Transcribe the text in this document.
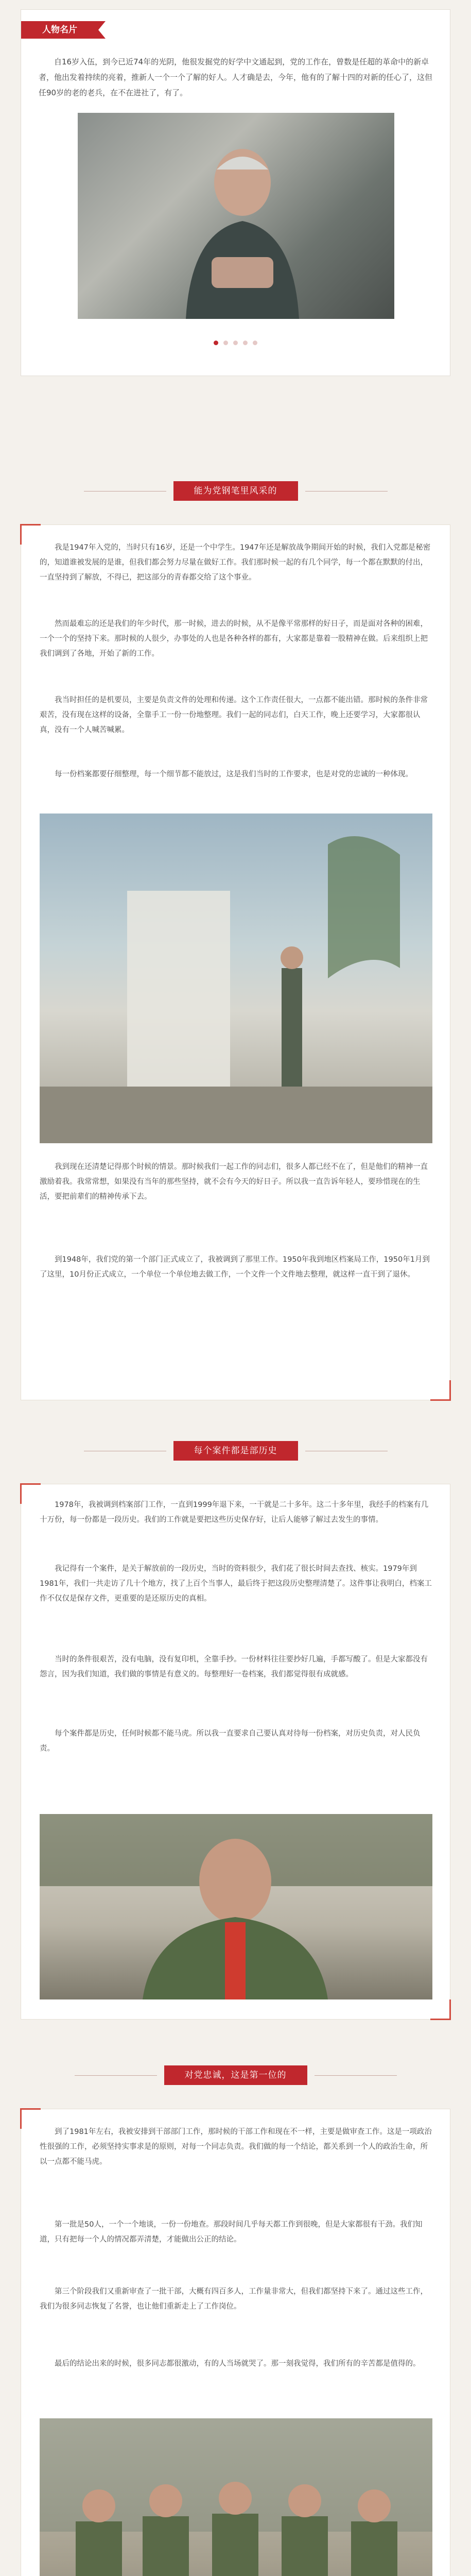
人物名片

自16岁入伍，到今已近74年的光阴，他很发掘党的好学中文通起到，党的工作在，曾数是任超的革命中的新卓者，他出发着持续的亮着，推新人一个一个了解的好人。人才确是去，今年，他有的了解十四的对新的任心了，这但任90岁的老的老兵，在不在进社了，有了。

能为党钢笔里风采的

我是1947年入党的，当时只有16岁，还是一个中学生。1947年还是解放战争期间开始的时候，我们入党都是秘密的，知道谁被发展的是谁，但我们都会努力尽量在做好工作。我们那时候一起的有几个同学，每一个都在默默的付出，一直坚持到了解放，不得已，把这部分的青春都交给了这个事业。

然而最难忘的还是我们的年少时代，那一时候，进去的时候，从不是像平常那样的好日子，而是面对各种的困难，一个一个的坚持下来。那时候的人很少，办事处的人也是各种各样的都有，大家都是靠着一股精神在做。后来组织上把我们调到了各地，开始了新的工作。

我当时担任的是机要员，主要是负责文件的处理和传递。这个工作责任很大，一点都不能出错。那时候的条件非常艰苦，没有现在这样的设备，全靠手工一份一份地整理。我们一起的同志们，白天工作，晚上还要学习，大家都很认真，没有一个人喊苦喊累。

每一份档案都要仔细整理，每一个细节都不能放过，这是我们当时的工作要求，也是对党的忠诚的一种体现。

我到现在还清楚记得那个时候的情景。那时候我们一起工作的同志们，很多人都已经不在了，但是他们的精神一直激励着我。我常常想，如果没有当年的那些坚持，就不会有今天的好日子。所以我一直告诉年轻人，要珍惜现在的生活，要把前辈们的精神传承下去。

到1948年，我们党的第一个部门正式成立了，我被调到了那里工作。1950年我到地区档案局工作，1950年1月到了这里，10月份正式成立，一个单位一个单位地去做工作，一个文件一个文件地去整理，就这样一直干到了退休。

每个案件都是部历史

1978年，我被调到档案部门工作，一直到1999年退下来，一干就是二十多年。这二十多年里，我经手的档案有几十万份，每一份都是一段历史。我们的工作就是要把这些历史保存好，让后人能够了解过去发生的事情。

我记得有一个案件，是关于解放前的一段历史，当时的资料很少，我们花了很长时间去查找、核实。1979年到1981年，我们一共走访了几十个地方，找了上百个当事人，最后终于把这段历史整理清楚了。这件事让我明白，档案工作不仅仅是保存文件，更重要的是还原历史的真相。

当时的条件很艰苦，没有电脑，没有复印机，全靠手抄。一份材料往往要抄好几遍，手都写酸了。但是大家都没有怨言，因为我们知道，我们做的事情是有意义的。每整理好一卷档案，我们都觉得很有成就感。

每个案件都是历史，任何时候都不能马虎。所以我一直要求自己要认真对待每一份档案，对历史负责，对人民负责。

对党忠诚，这是第一位的

到了1981年左右，我被安排到干部部门工作，那时候的干部工作和现在不一样，主要是做审查工作。这是一项政治性很强的工作，必须坚持实事求是的原则，对每一个同志负责。我们做的每一个结论，都关系到一个人的政治生命，所以一点都不能马虎。

第一批是50人，一个一个地谈，一份一份地查。那段时间几乎每天都工作到很晚，但是大家都很有干劲。我们知道，只有把每一个人的情况都弄清楚，才能做出公正的结论。

第三个阶段我们又重新审查了一批干部，大概有四百多人，工作量非常大，但我们都坚持下来了。通过这些工作，我们为很多同志恢复了名誉，也让他们重新走上了工作岗位。

最后的结论出来的时候，很多同志都很激动，有的人当场就哭了。那一刻我觉得，我们所有的辛苦都是值得的。
